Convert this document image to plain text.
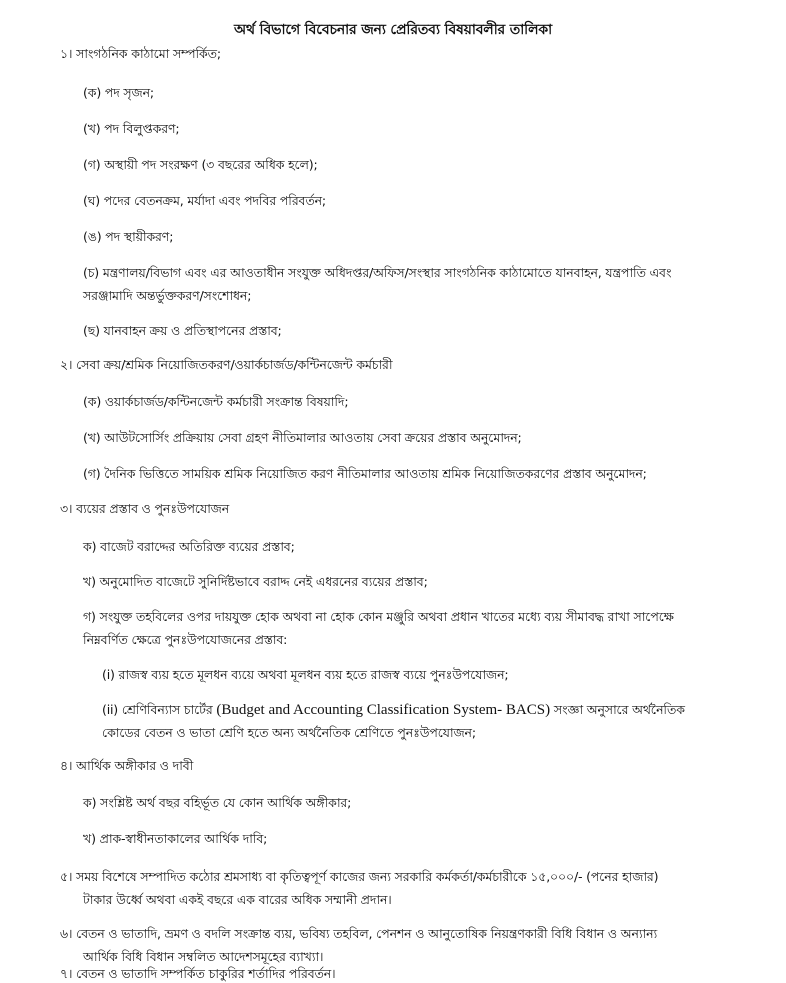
অর্থ বিভাগে বিবেচনার জন্য প্রেরিতব্য বিষয়াবলীর তালিকা
১। সাংগঠনিক কাঠামো সম্পর্কিত;
(ক) পদ সৃজন;
(খ) পদ বিলুপ্তকরণ;
(গ) অস্থায়ী পদ সংরক্ষণ (৩ বছরের অধিক হলে);
(ঘ) পদের বেতনক্রম, মর্যাদা এবং পদবির পরিবর্তন;
(ঙ) পদ স্থায়ীকরণ;
(চ) মন্ত্রণালয়/বিভাগ এবং এর আওতাধীন সংযুক্ত অধিদপ্তর/অফিস/সংস্থার সাংগঠনিক কাঠামোতে যানবাহন, যন্ত্রপাতি এবং
সরঞ্জামাদি অন্তর্ভুক্তকরণ/সংশোধন;
(ছ) যানবাহন ক্রয় ও প্রতিস্থাপনের প্রস্তাব;
২। সেবা ক্রয়/শ্রমিক নিয়োজিতকরণ/ওয়ার্কচার্জড/কন্টিনজেন্ট কর্মচারী
(ক) ওয়ার্কচার্জড/কন্টিনজেন্ট কর্মচারী সংক্রান্ত বিষয়াদি;
(খ) আউটসোর্সিং প্রক্রিয়ায় সেবা গ্রহণ নীতিমালার আওতায় সেবা ক্রয়ের প্রস্তাব অনুমোদন;
(গ) দৈনিক ভিত্তিতে সাময়িক শ্রমিক নিয়োজিত করণ নীতিমালার আওতায় শ্রমিক নিয়োজিতকরণের প্রস্তাব অনুমোদন;
৩। ব্যয়ের প্রস্তাব ও পুনঃউপযোজন
ক) বাজেট বরাদ্দের অতিরিক্ত ব্যয়ের প্রস্তাব;
খ) অনুমোদিত বাজেটে সুনির্দিষ্টভাবে বরাদ্দ নেই এধরনের ব্যয়ের প্রস্তাব;
গ) সংযুক্ত তহবিলের ওপর দায়যুক্ত হোক অথবা না হোক কোন মঞ্জুরি অথবা প্রধান খাতের মধ্যে ব্যয় সীমাবদ্ধ রাখা সাপেক্ষে
নিম্নবর্ণিত ক্ষেত্রে পুনঃউপযোজনের প্রস্তাব:
(i) রাজস্ব ব্যয় হতে মূলধন ব্যয়ে অথবা মূলধন ব্যয় হতে রাজস্ব ব্যয়ে পুনঃউপযোজন;
(ii) শ্রেণিবিন্যাস চার্টের (Budget and Accounting Classification System- BACS) সংজ্ঞা অনুসারে অর্থনৈতিক
কোডের বেতন ও ভাতা শ্রেণি হতে অন্য অর্থনৈতিক শ্রেণিতে পুনঃউপযোজন;
৪। আর্থিক অঙ্গীকার ও দাবী
ক) সংশ্লিষ্ট অর্থ বছর বহির্ভূত যে কোন আর্থিক অঙ্গীকার;
খ) প্রাক-স্বাধীনতাকালের আর্থিক দাবি;
৫। সময় বিশেষে সম্পাদিত কঠোর শ্রমসাধ্য বা কৃতিত্বপূর্ণ কাজের জন্য সরকারি কর্মকর্তা/কর্মচারীকে ১৫,০০০/- (পনের হাজার)
টাকার উর্ধ্বে অথবা একই বছরে এক বারের অধিক সম্মানী প্রদান।
৬। বেতন ও ভাতাদি, ভ্রমণ ও বদলি সংক্রান্ত ব্যয়, ভবিষ্য তহবিল, পেনশন ও আনুতোষিক নিয়ন্ত্রণকারী বিধি বিধান ও অন্যান্য
আর্থিক বিধি বিধান সম্বলিত আদেশসমূহের ব্যাখ্যা।
৭। বেতন ও ভাতাদি সম্পর্কিত চাকুরির শর্তাদির পরিবর্তন।
